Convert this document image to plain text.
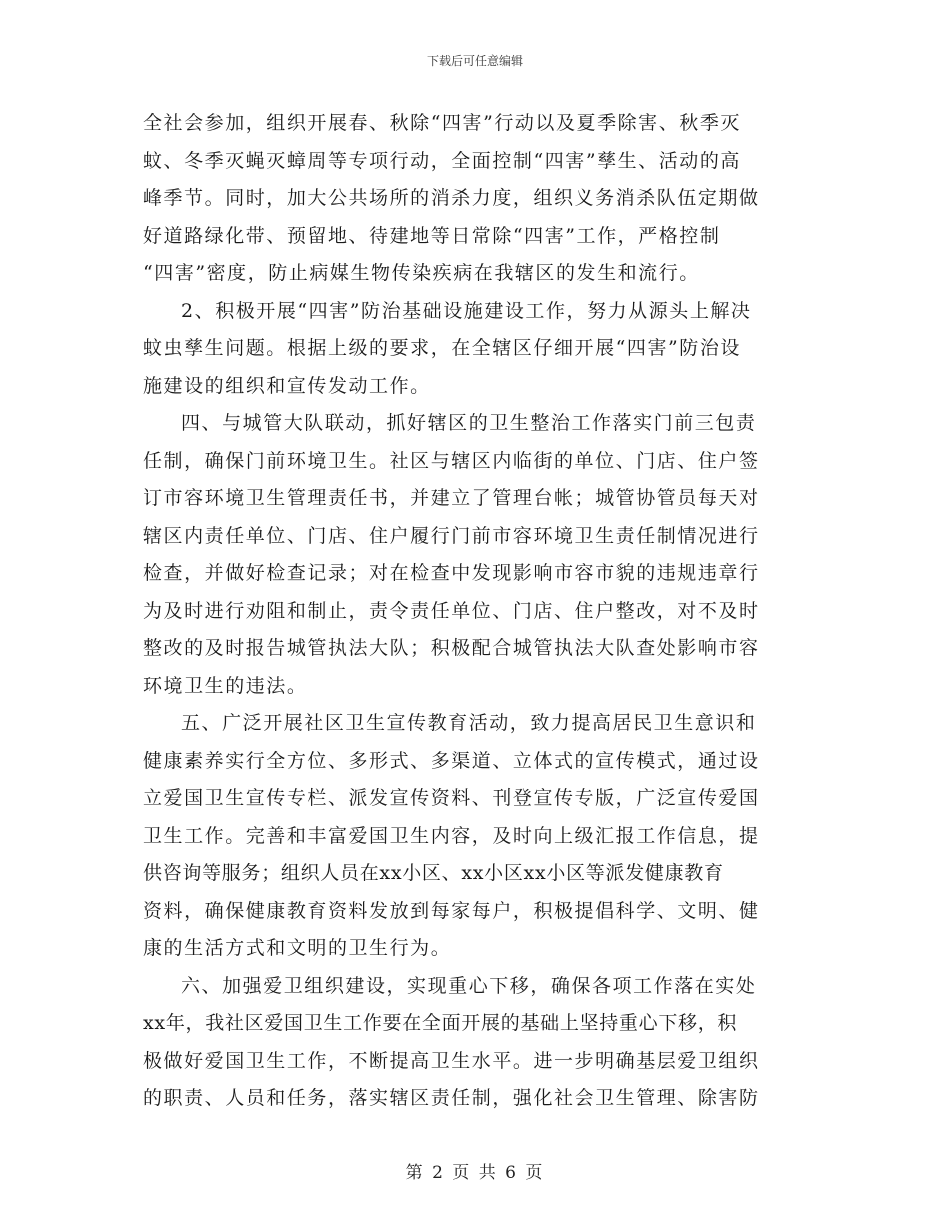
下载后可任意编辑
全社会参加，组织开展春、秋除“四害”行动以及夏季除害、秋季灭
蚊、冬季灭蝇灭蟑周等专项行动，全面控制“四害”孳生、活动的高
峰季节。同时，加大公共场所的消杀力度，组织义务消杀队伍定期做
好道路绿化带、预留地、待建地等日常除“四害”工作，严格控制
“四害”密度，防止病媒生物传染疾病在我辖区的发生和流行。
2、积极开展“四害”防治基础设施建设工作，努力从源头上解决
蚊虫孳生问题。根据上级的要求，在全辖区仔细开展“四害”防治设
施建设的组织和宣传发动工作。
四、与城管大队联动，抓好辖区的卫生整治工作落实门前三包责
任制，确保门前环境卫生。社区与辖区内临街的单位、门店、住户签
订市容环境卫生管理责任书，并建立了管理台帐；城管协管员每天对
辖区内责任单位、门店、住户履行门前市容环境卫生责任制情况进行
检查，并做好检查记录；对在检查中发现影响市容市貌的违规违章行
为及时进行劝阻和制止，责令责任单位、门店、住户整改，对不及时
整改的及时报告城管执法大队；积极配合城管执法大队查处影响市容
环境卫生的违法。
五、广泛开展社区卫生宣传教育活动，致力提高居民卫生意识和
健康素养实行全方位、多形式、多渠道、立体式的宣传模式，通过设
立爱国卫生宣传专栏、派发宣传资料、刊登宣传专版，广泛宣传爱国
卫生工作。完善和丰富爱国卫生内容，及时向上级汇报工作信息，提
供咨询等服务；组织人员在xx小区、xx小区xx小区等派发健康教育
资料，确保健康教育资料发放到每家每户，积极提倡科学、文明、健
康的生活方式和文明的卫生行为。
六、加强爱卫组织建设，实现重心下移，确保各项工作落在实处
xx年，我社区爱国卫生工作要在全面开展的基础上坚持重心下移，积
极做好爱国卫生工作，不断提高卫生水平。进一步明确基层爱卫组织
的职责、人员和任务，落实辖区责任制，强化社会卫生管理、除害防
第 2 页 共 6 页
